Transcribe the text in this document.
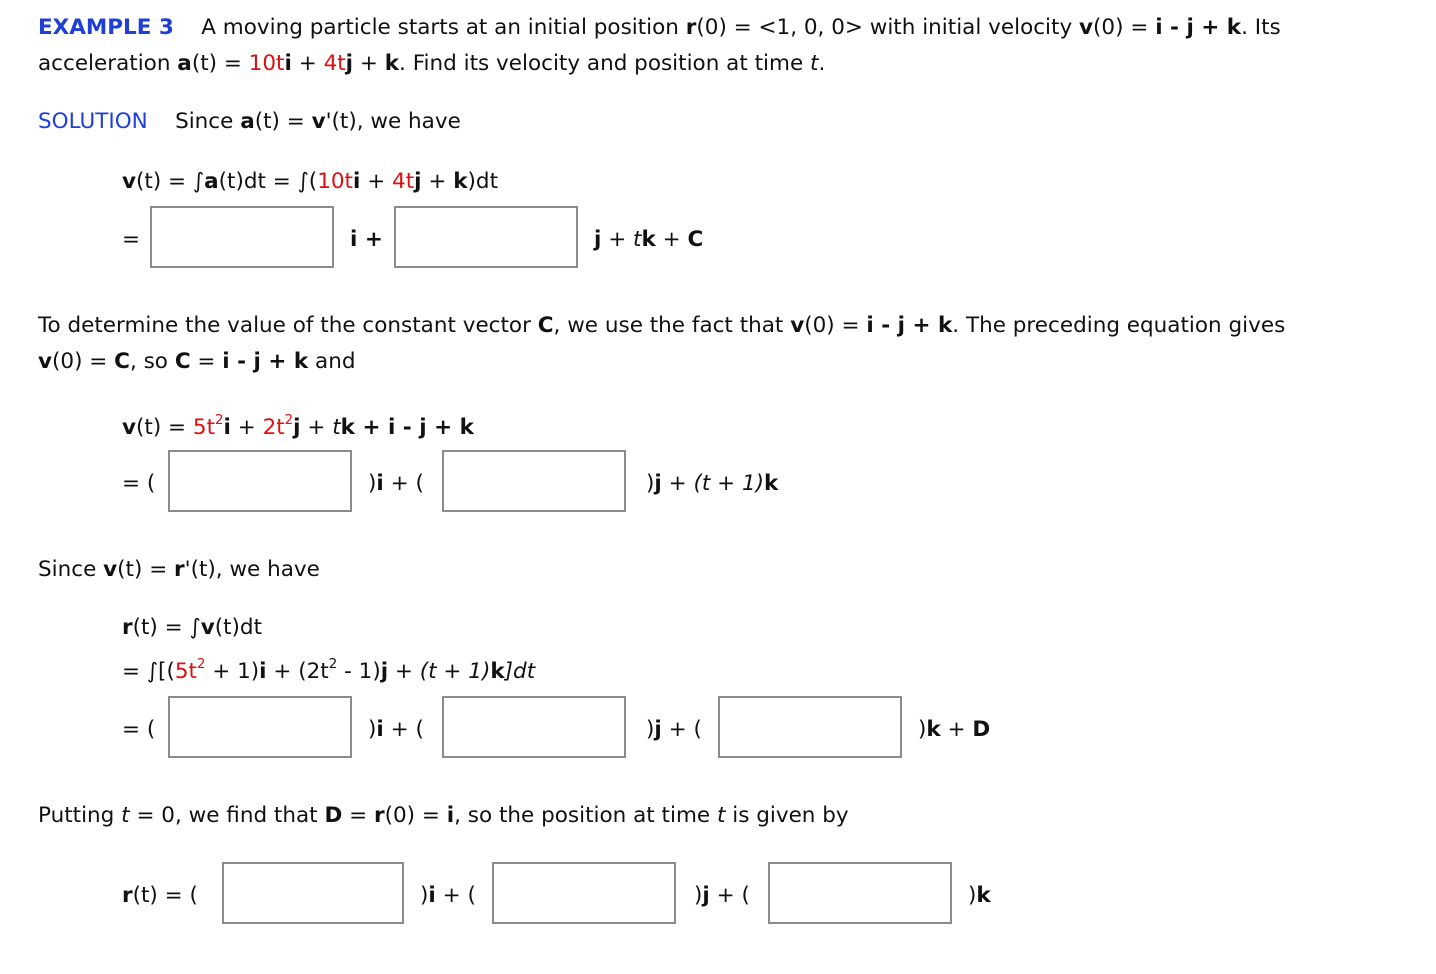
EXAMPLE 3 A moving particle starts at an initial position r(0) = <1, 0, 0> with initial velocity v(0) = i - j + k. Its
acceleration a(t) = 10ti + 4tj + k. Find its velocity and position at time t.
SOLUTION Since a(t) = v'(t), we have
v(t) = ∫a(t)dt = ∫(10ti + 4tj + k)dt
=	i +	j + tk + C
To determine the value of the constant vector C, we use the fact that v(0) = i - j + k. The preceding equation gives
v(0) = C, so C = i - j + k and
$v(t) = 5t^2i + 2t^2j$ + tk + i - j + k
= (	)i + (	)j + (t + 1)k
Since v(t) = r'(t), we have
r(t) = ∫v(t)dt
= $\int[(5t^2 + 1)i + (2t^2 - 1)j + (t + 1)k]dt$
= (	)i + (	)j + (	)k + D
Putting t = 0, we find that D = r(0) = i, so the position at time t is given by
r(t) = (	)i + (	)j + (	)k
